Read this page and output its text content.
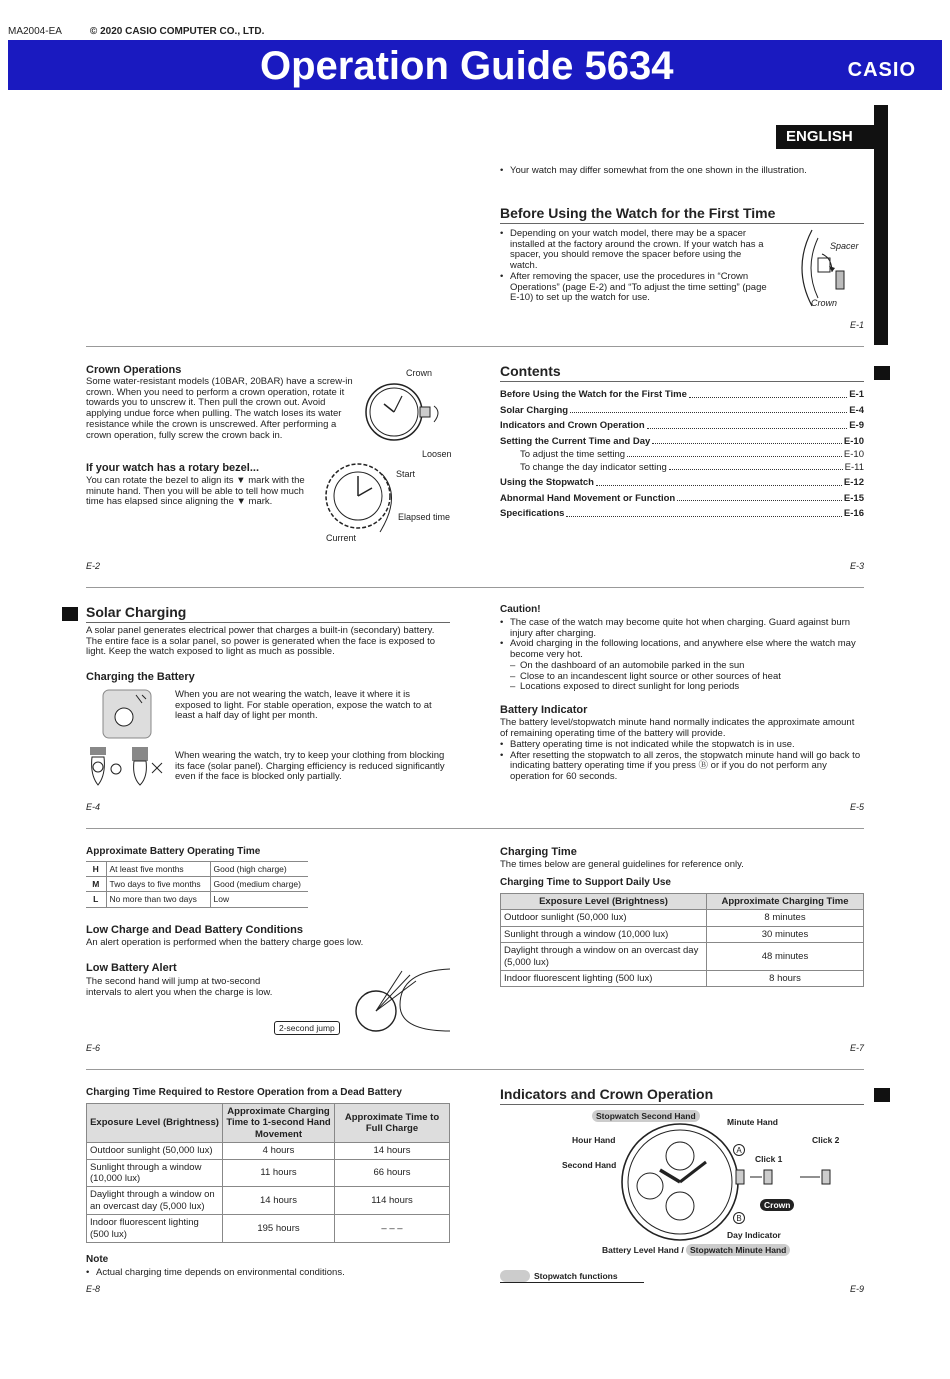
MA2004-EA	© 2020 CASIO COMPUTER CO., LTD.
Operation Guide 5634	CASIO
ENGLISH
• Your watch may differ somewhat from the one shown in the illustration.
Before Using the Watch for the First Time
• Depending on your watch model, there may be a spacer installed at the factory around the crown. If your watch has a spacer, you should remove the spacer before using the watch.
• After removing the spacer, use the procedures in “Crown Operations” (page E-2) and “To adjust the time setting” (page E-10) to set up the watch for use.
Spacer
Crown
E-1
Crown Operations
Some water-resistant models (10BAR, 20BAR) have a screw-in crown. When you need to perform a crown operation, rotate it towards you to unscrew it. Then pull the crown out. Avoid applying undue force when pulling. The watch loses its water resistance while the crown is unscrewed. After performing a crown operation, fully screw the crown back in.
Crown
Loosen
If your watch has a rotary bezel...
You can rotate the bezel to align its ▼ mark with the minute hand. Then you will be able to tell how much time has elapsed since aligning the ▼ mark.
Start
Elapsed time
Current
E-2
Contents
Before Using the Watch for the First Time	E-1
Solar Charging	E-4
Indicators and Crown Operation	E-9
Setting the Current Time and Day	E-10
To adjust the time setting	E-10
To change the day indicator setting	E-11
Using the Stopwatch	E-12
Abnormal Hand Movement or Function	E-15
Specifications	E-16
E-3
Solar Charging
A solar panel generates electrical power that charges a built-in (secondary) battery. The entire face is a solar panel, so power is generated when the face is exposed to light. Keep the watch exposed to light as much as possible.
Charging the Battery
When you are not wearing the watch, leave it where it is exposed to light. For stable operation, expose the watch to at least a half day of light per month.
When wearing the watch, try to keep your clothing from blocking its face (solar panel). Charging efficiency is reduced significantly even if the face is blocked only partially.
E-4
Caution!
• The case of the watch may become quite hot when charging. Guard against burn injury after charging.
• Avoid charging in the following locations, and anywhere else where the watch may become very hot.
– On the dashboard of an automobile parked in the sun
– Close to an incandescent light source or other sources of heat
– Locations exposed to direct sunlight for long periods
Battery Indicator
The battery level/stopwatch minute hand normally indicates the approximate amount of remaining operating time of the battery will provide.
• Battery operating time is not indicated while the stopwatch is in use.
• After resetting the stopwatch to all zeros, the stopwatch minute hand will go back to indicating battery operating time if you press Ⓑ or if you do not perform any operation for 60 seconds.
E-5
Approximate Battery Operating Time
H	At least five months	Good (high charge)
M	Two days to five months	Good (medium charge)
L	No more than two days	Low
Low Charge and Dead Battery Conditions
An alert operation is performed when the battery charge goes low.
Low Battery Alert
The second hand will jump at two-second intervals to alert you when the charge is low.
2-second jump
E-6
Charging Time
The times below are general guidelines for reference only.
Charging Time to Support Daily Use
Exposure Level (Brightness)	Approximate Charging Time
Outdoor sunlight (50,000 lux)	8 minutes
Sunlight through a window (10,000 lux)	30 minutes
Daylight through a window on an overcast day (5,000 lux)	48 minutes
Indoor fluorescent lighting (500 lux)	8 hours
E-7
Charging Time Required to Restore Operation from a Dead Battery
Exposure Level (Brightness)	Approximate Charging Time to 1-second Hand Movement	Approximate Time to Full Charge
Outdoor sunlight (50,000 lux)	4 hours	14 hours
Sunlight through a window (10,000 lux)	11 hours	66 hours
Daylight through a window on an overcast day (5,000 lux)	14 hours	114 hours
Indoor fluorescent lighting (500 lux)	195 hours	– – –
Note
• Actual charging time depends on environmental conditions.
E-8
Indicators and Crown Operation
Stopwatch Second Hand
Minute Hand
Click 2
Hour Hand
A
Click 1
Second Hand
Crown
B
Day Indicator
Battery Level Hand / Stopwatch Minute Hand
Stopwatch functions
E-9
